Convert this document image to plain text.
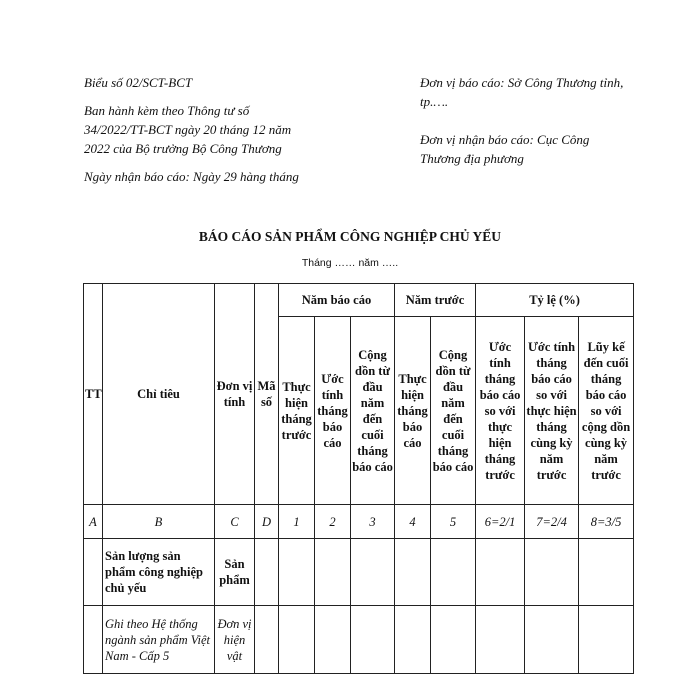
Biểu số 02/SCT-BCT

Ban hành kèm theo Thông tư số 34/2022/TT-BCT ngày 20 tháng 12 năm 2022 của Bộ trưởng Bộ Công Thương

Ngày nhận báo cáo: Ngày 29 hàng tháng

Đơn vị báo cáo: Sở Công Thương tỉnh, tp.….

Đơn vị nhận báo cáo: Cục Công Thương địa phương

BÁO CÁO SẢN PHẨM CÔNG NGHIỆP CHỦ YẾU
Tháng …… năm …..
TT	Chỉ tiêu	Đơn vị tính	Mã số	Năm báo cáo			Năm trước		Tỷ lệ (%)		
				Thực hiện tháng trước	Ước tính tháng báo cáo	Cộng dồn từ đầu năm đến cuối tháng báo cáo	Thực hiện tháng báo cáo	Cộng dồn từ đầu năm đến cuối tháng báo cáo	Ước tính tháng báo cáo so với thực hiện tháng trước	Ước tính tháng báo cáo so với thực hiện tháng cùng kỳ năm trước	Lũy kế đến cuối tháng báo cáo so với cộng dồn cùng kỳ năm trước
A	B	C	D	1	2	3	4	5	6=2/1	7=2/4	8=3/5
	Sản lượng sản phẩm công nghiệp chủ yếu	Sản phẩm									
	Ghi theo Hệ thống ngành sản phẩm Việt Nam - Cấp 5	Đơn vị hiện vật									
